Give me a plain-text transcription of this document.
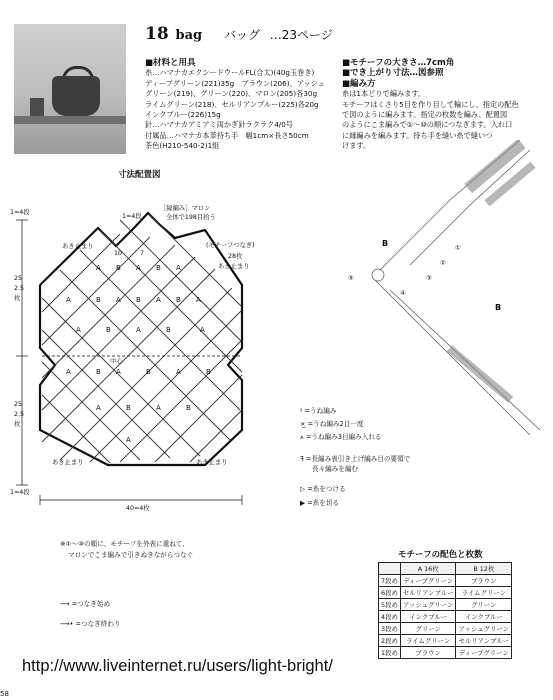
18 bag バッグ …23ページ
■材料と用具
糸…ハマナカエクシードウールFL(合太)(40g玉巻き)
ディープグリーン(221)35g　ブラウン(206)、アッシュ
グリーン(219)、グリーン(220)、マロン(205)各30g
ライムグリーン(218)、セルリアンブルー(225)各20g
インクブルー(226)15g
針…ハマナカアミアミ両かぎ針ラクラク4/0号
付属品…ハマナカ本革持ち手　幅1cm×長さ50cm
茶色(H210-540-2)1組
■モチーフの大きさ…7cm角
■でき上がり寸法…図参照
■編み方
糸は1本どりで編みます。
モチーフはくさり5目を作り目して輪にし、指定の配色
で図のように編みます。指定の枚数を編み、配置図
のようにこま編みで①～⑩の順につなぎます。入れ口
に縁編みを編みます。持ち手を縫い糸で縫いつ
けます。
寸法配置図
A	A	A
A	A	A	A
A	A	A
A	A	A
A	A
A
B	B
B	B	B
B	B
B	B	B
B	B
［縁編み］マロン
全体で198目拾う
1=4段
1=4段
(モチーフつなぎ)
28枚
あき止まり
あき止まり
あき止まり	あき止まり
中心
10	7
25
2.5
枚
25
2.5
枚
1=4段
40=4枚
※①～⑩の順に、モチーフを外表に重ねて、
マロンでこま編みで引きぬきながらつなぐ
⟶ =つなぎ始め
⟶• =つなぎ終わり
B
B
⑤
④
③
②
①
ᵡ =うね編み
⨯̲ =うね編み2目一度
⩚ =うね編み3目編み入れる
ꟻ =長編み表引き上げ編み目の要領で
長々編みを編む
▷ =糸をつける
▶ =糸を切る
モチーフの配色と枚数
	A 16枚	B 12枚
7段め	ディープグリーン	ブラウン
6段め	セルリアンブルー	ライムグリーン
5段め	アッシュグリーン	グリーン
4段め	インクブルー	インクブルー
3段め	グリーン	アッシュグリーン
2段め	ライムグリーン	セルリアンブルー
1段め	ブラウン	ディープグリーン
http://www.liveinternet.ru/users/light-bright/
58
